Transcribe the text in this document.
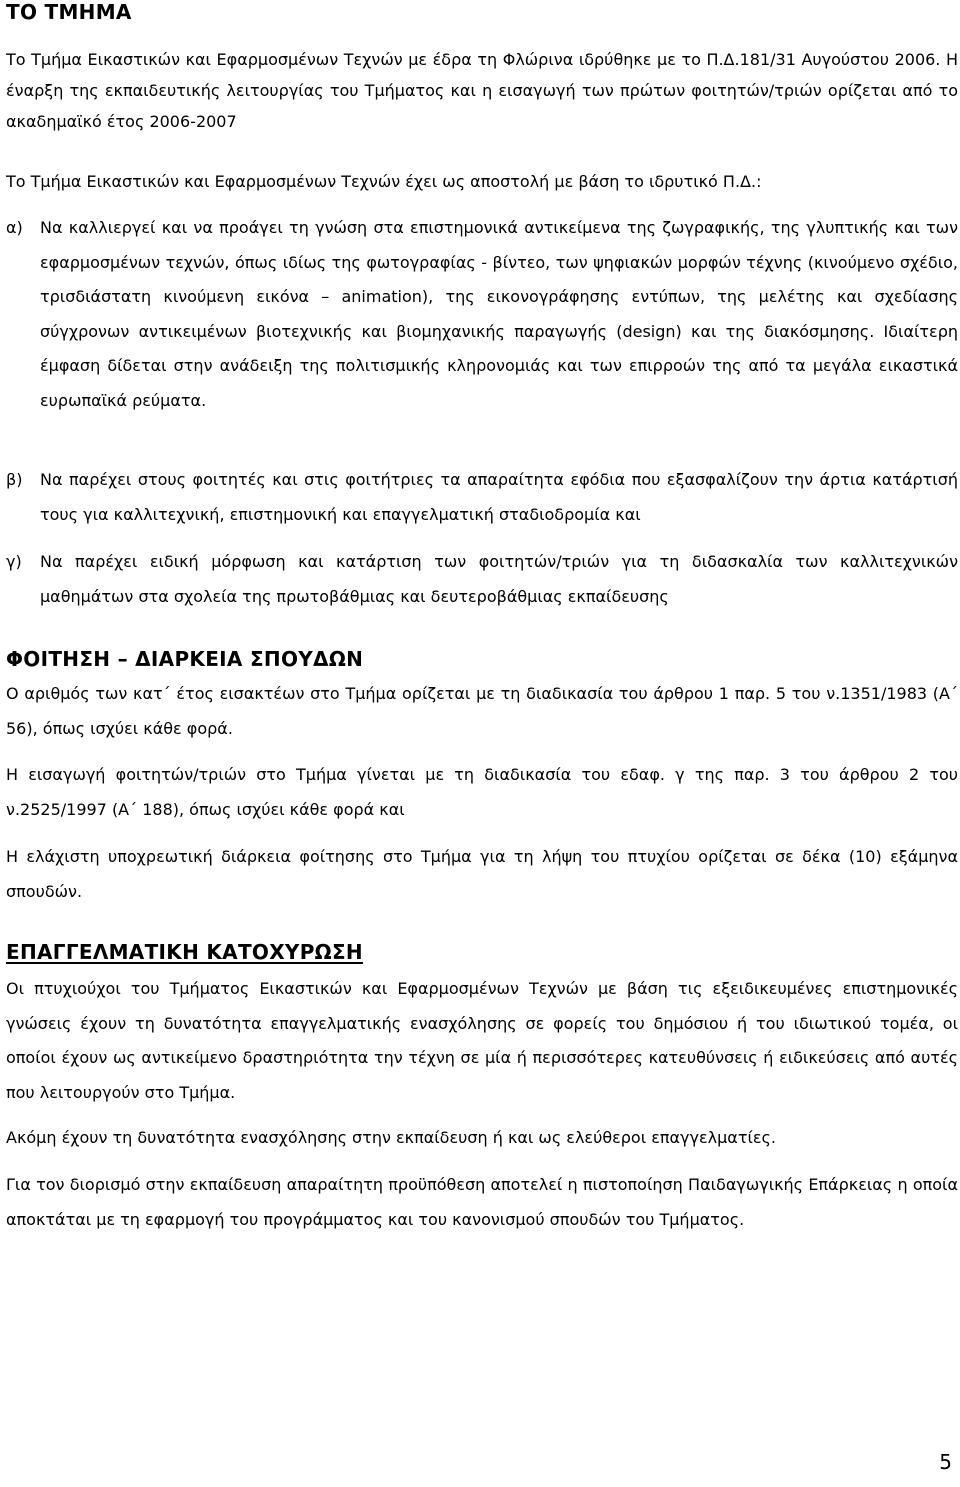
ΤΟ ΤΜΗΜΑ

Το Τμήμα Εικαστικών και Εφαρμοσμένων Τεχνών με έδρα τη Φλώρινα ιδρύθηκε με το Π.Δ.181/31 Αυγούστου 2006. Η έναρξη της εκπαιδευτικής λειτουργίας του Τμήματος και η εισαγωγή των πρώτων φοιτητών/τριών ορίζεται από το ακαδημαϊκό έτος 2006-2007

Το Τμήμα Εικαστικών και Εφαρμοσμένων Τεχνών έχει ως αποστολή με βάση το ιδρυτικό Π.Δ.:

α) Να καλλιεργεί και να προάγει τη γνώση στα επιστημονικά αντικείμενα της ζωγραφικής, της γλυπτικής και των εφαρμοσμένων τεχνών, όπως ιδίως της φωτογραφίας - βίντεο, των ψηφιακών μορφών τέχνης (κινούμενο σχέδιο, τρισδιάστατη κινούμενη εικόνα – animation), της εικονογράφησης εντύπων, της μελέτης και σχεδίασης σύγχρονων αντικειμένων βιοτεχνικής και βιομηχανικής παραγωγής (design) και της διακόσμησης. Ιδιαίτερη έμφαση δίδεται στην ανάδειξη της πολιτισμικής κληρονομιάς και των επιρροών της από τα μεγάλα εικαστικά ευρωπαϊκά ρεύματα.
β) Να παρέχει στους φοιτητές και στις φοιτήτριες τα απαραίτητα εφόδια που εξασφαλίζουν την άρτια κατάρτισή τους για καλλιτεχνική, επιστημονική και επαγγελματική σταδιοδρομία και
γ) Να παρέχει ειδική μόρφωση και κατάρτιση των φοιτητών/τριών για τη διδασκαλία των καλλιτεχνικών μαθημάτων στα σχολεία της πρωτοβάθμιας και δευτεροβάθμιας εκπαίδευσης
ΦΟΙΤΗΣΗ – ΔΙΑΡΚΕΙΑ ΣΠΟΥΔΩΝ

Ο αριθμός των κατ΄ έτος εισακτέων στο Τμήμα ορίζεται με τη διαδικασία του άρθρου 1 παρ. 5 του ν.1351/1983 (Α΄ 56), όπως ισχύει κάθε φορά.

Η εισαγωγή φοιτητών/τριών στο Τμήμα γίνεται με τη διαδικασία του εδαφ. γ της παρ. 3 του άρθρου 2 του ν.2525/1997 (Α΄ 188), όπως ισχύει κάθε φορά και

Η ελάχιστη υποχρεωτική διάρκεια φοίτησης στο Τμήμα για τη λήψη του πτυχίου ορίζεται σε δέκα (10) εξάμηνα σπουδών.

ΕΠΑΓΓΕΛΜΑΤΙΚΗ ΚΑΤΟΧΥΡΩΣΗ

Οι πτυχιούχοι του Τμήματος Εικαστικών και Εφαρμοσμένων Τεχνών με βάση τις εξειδικευμένες επιστημονικές γνώσεις έχουν τη δυνατότητα επαγγελματικής ενασχόλησης σε φορείς του δημόσιου ή του ιδιωτικού τομέα, οι οποίοι έχουν ως αντικείμενο δραστηριότητα την τέχνη σε μία ή περισσότερες κατευθύνσεις ή ειδικεύσεις από αυτές που λειτουργούν στο Τμήμα.

Ακόμη έχουν τη δυνατότητα ενασχόλησης στην εκπαίδευση ή και ως ελεύθεροι επαγγελματίες.

Για τον διορισμό στην εκπαίδευση απαραίτητη προϋπόθεση αποτελεί η πιστοποίηση Παιδαγωγικής Επάρκειας η οποία αποκτάται με τη εφαρμογή του προγράμματος και του κανονισμού σπουδών του Τμήματος.

5
